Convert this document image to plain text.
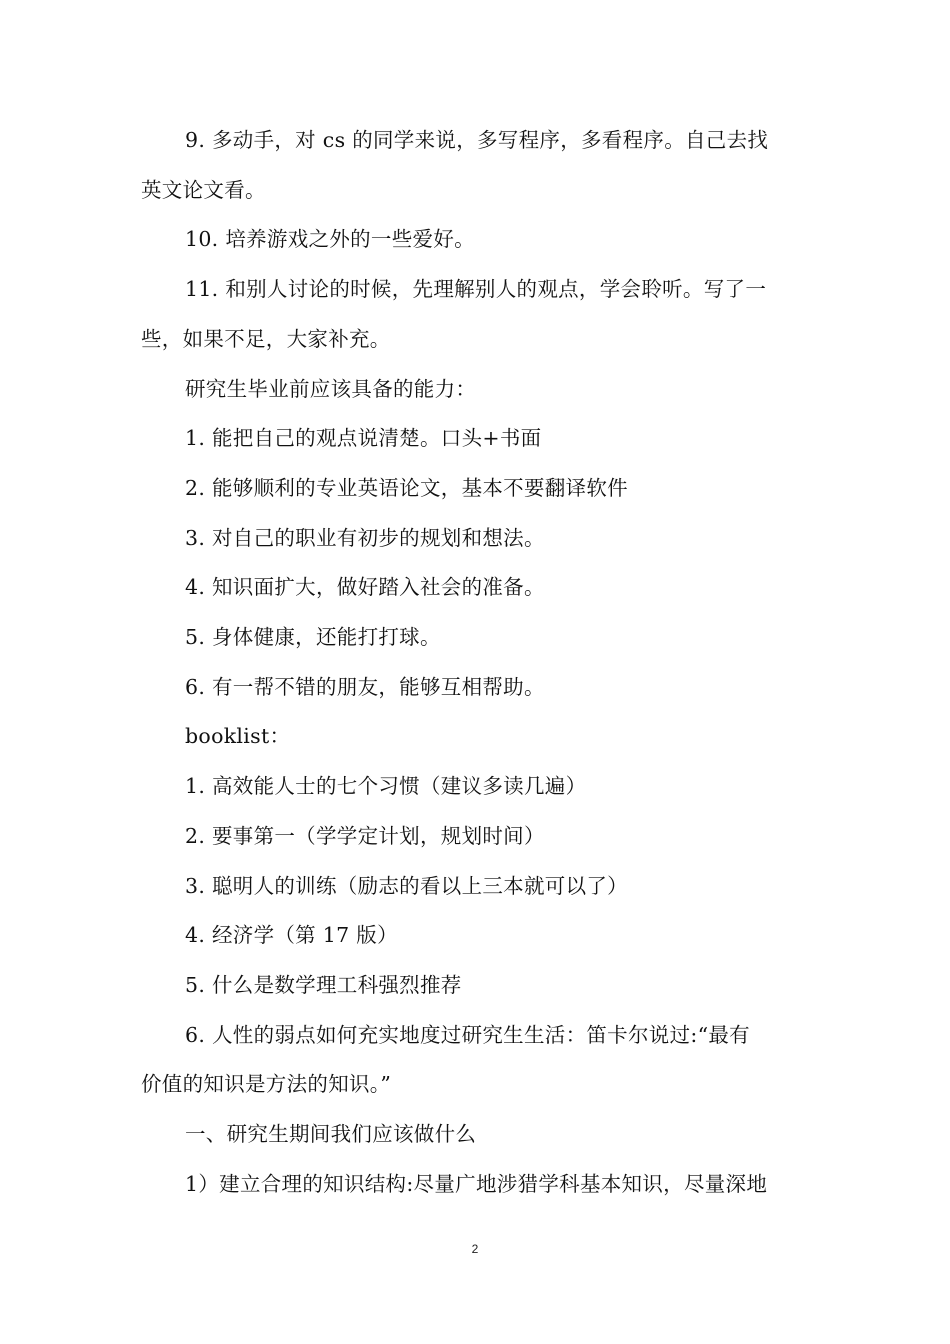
9. 多动手，对 cs 的同学来说，多写程序，多看程序。自己去找
英文论文看。

10. 培养游戏之外的一些爱好。

11. 和别人讨论的时候，先理解别人的观点，学会聆听。写了一
些，如果不足，大家补充。

研究生毕业前应该具备的能力：

1. 能把自己的观点说清楚。口头+书面

2. 能够顺利的专业英语论文，基本不要翻译软件

3. 对自己的职业有初步的规划和想法。

4. 知识面扩大，做好踏入社会的准备。

5. 身体健康，还能打打球。

6. 有一帮不错的朋友，能够互相帮助。

booklist：

1. 高效能人士的七个习惯（建议多读几遍）

2. 要事第一（学学定计划，规划时间）

3. 聪明人的训练（励志的看以上三本就可以了）

4. 经济学（第 17 版）

5. 什么是数学理工科强烈推荐

6. 人性的弱点如何充实地度过研究生生活：笛卡尔说过:“最有
价值的知识是方法的知识。”

一、研究生期间我们应该做什么

1）建立合理的知识结构:尽量广地涉猎学科基本知识，尽量深地

2
